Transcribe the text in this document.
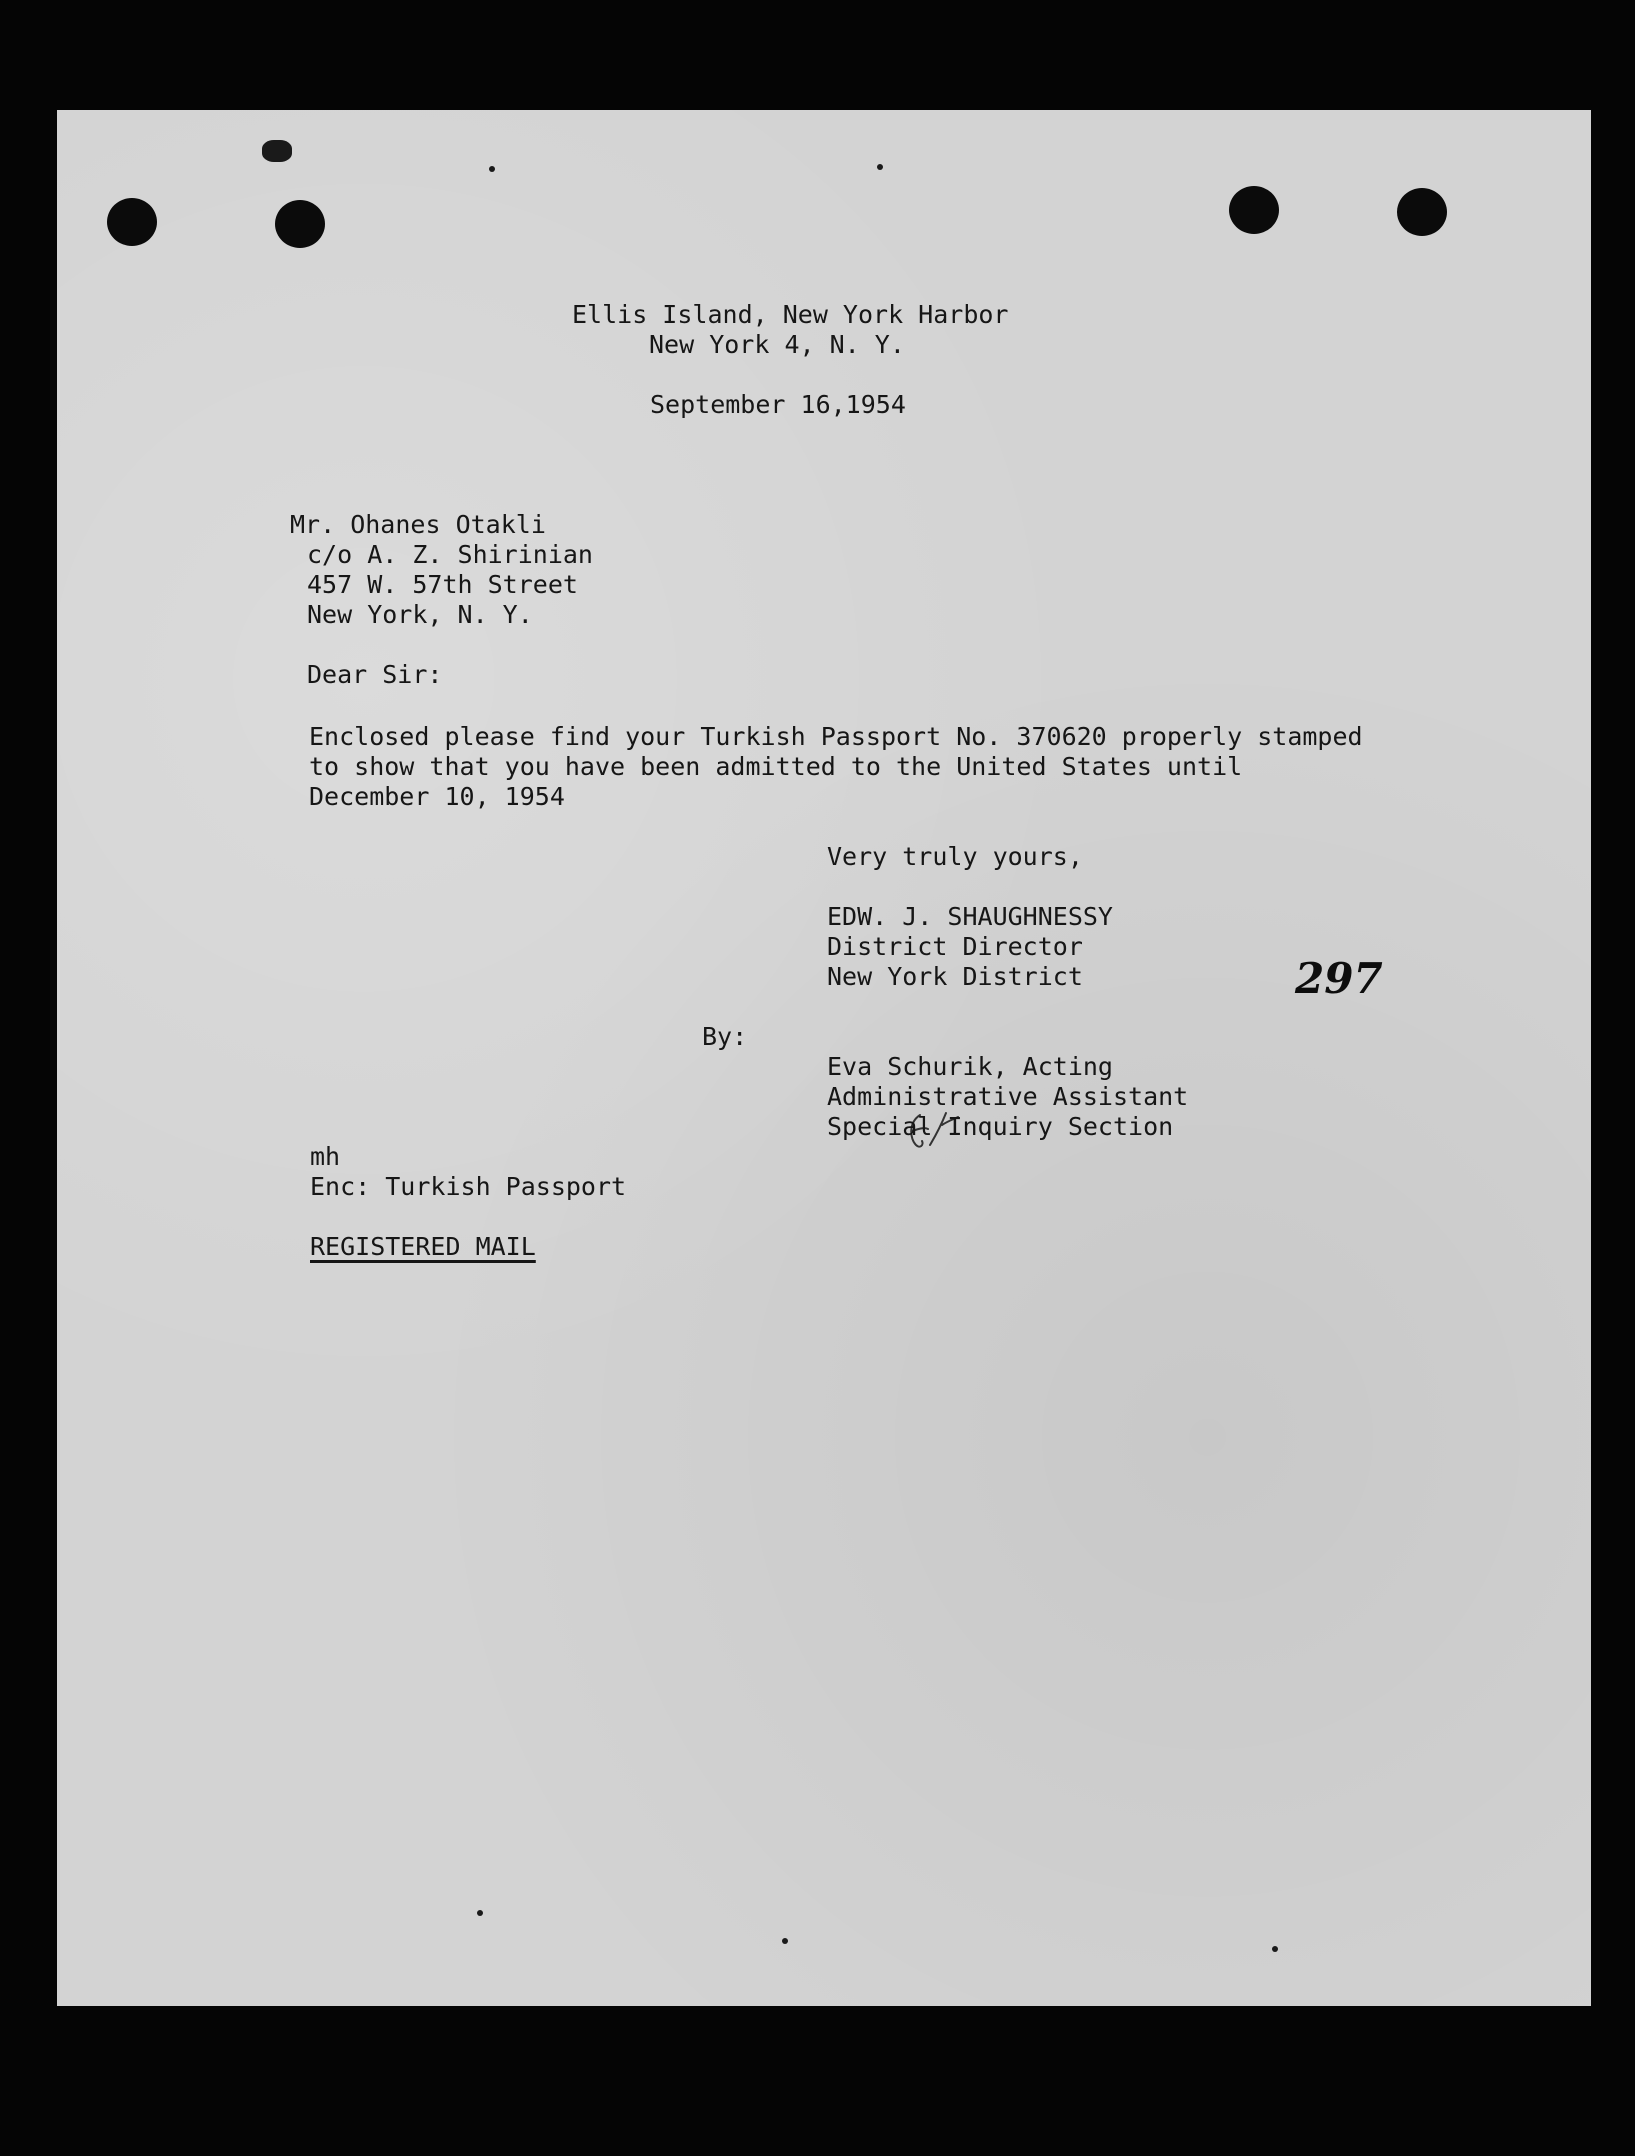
Ellis Island, New York Harbor

New York 4, N. Y.

September 16,1954

Mr. Ohanes Otakli

c/o A. Z. Shirinian

457 W. 57th Street

New York, N. Y.

Dear Sir:

Enclosed please find your Turkish Passport No. 370620 properly stamped

to show that you have been admitted to the United States until

December 10, 1954

Very truly yours,

EDW. J. SHAUGHNESSY

District Director

New York District	297

By:

Eva Schurik, Acting

Administrative Assistant

Special Inquiry Section

mh

Enc: Turkish Passport

REGISTERED MAIL
